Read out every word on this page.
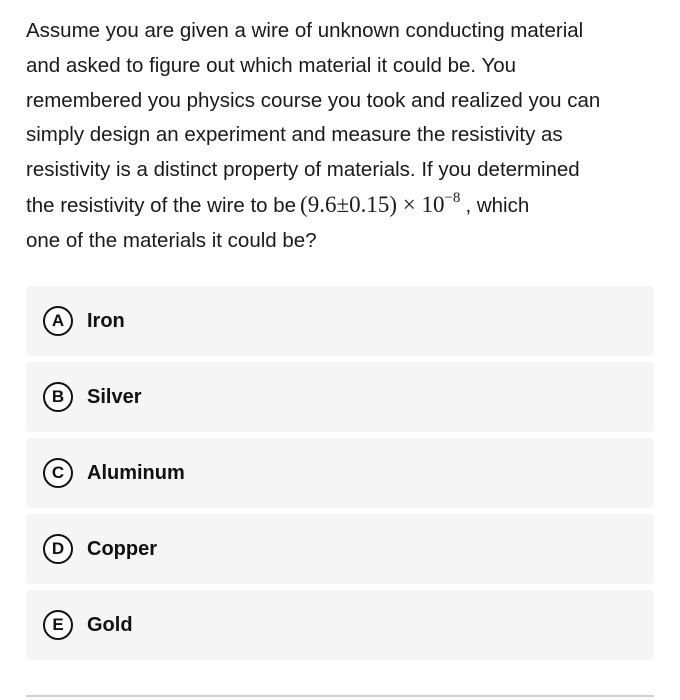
Assume you are given a wire of unknown conducting material
and asked to figure out which material it could be. You
remembered you physics course you took and realized you can
simply design an experiment and measure the resistivity as
resistivity is a distinct property of materials. If you determined
the resistivity of the wire to be $(9.6\pm 0.15) \times 10^{-8}$ , which
one of the materials it could be?
A	Iron
B	Silver
C	Aluminum
D	Copper
E	Gold
